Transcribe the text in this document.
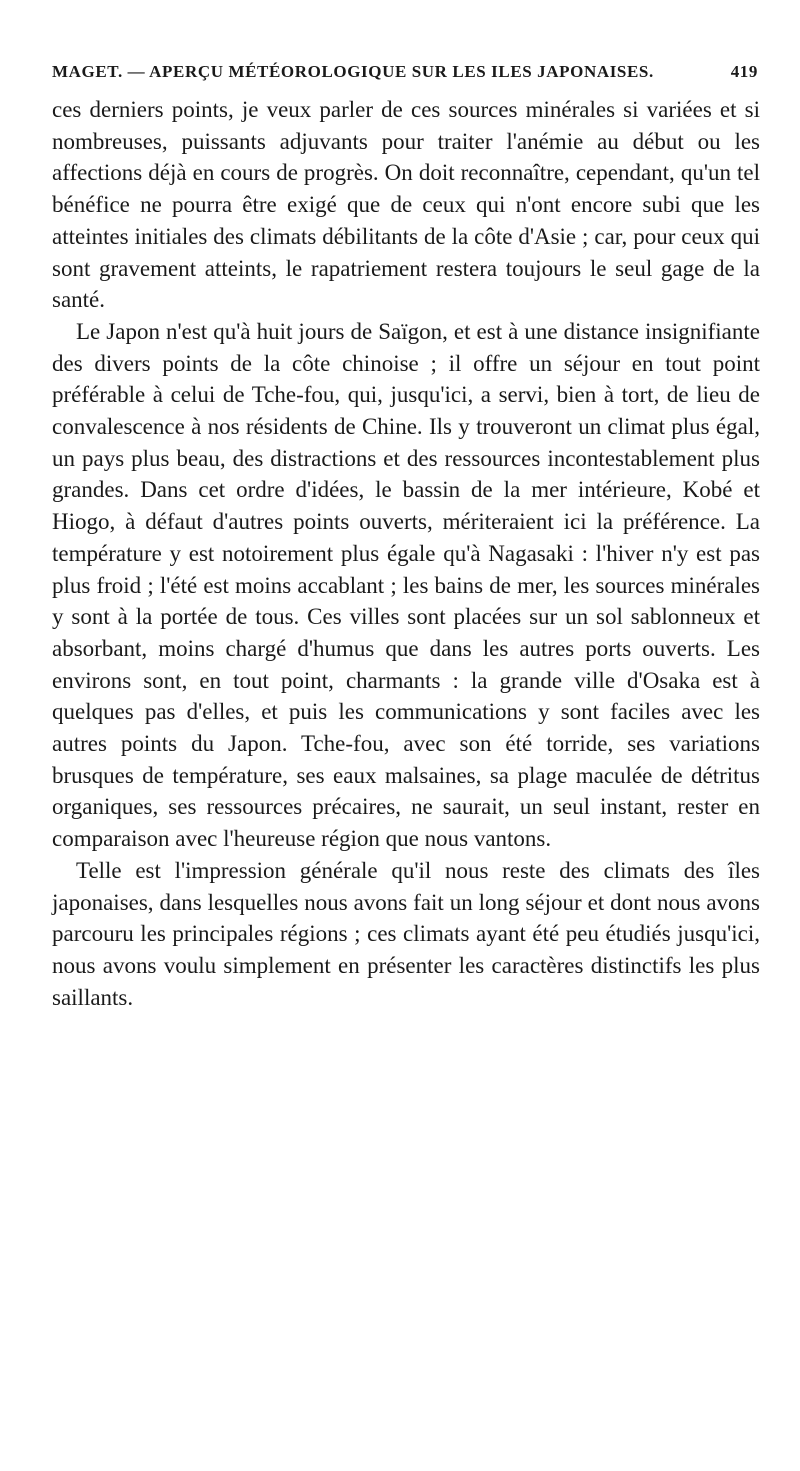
MAGET. — APERÇU MÉTÉOROLOGIQUE SUR LES ILES JAPONAISES.	419

ces derniers points, je veux parler de ces sources minérales si variées et si nombreuses, puissants adjuvants pour traiter l'anémie au début ou les affections déjà en cours de progrès. On doit reconnaître, cependant, qu'un tel bénéfice ne pourra être exigé que de ceux qui n'ont encore subi que les atteintes initiales des climats débilitants de la côte d'Asie ; car, pour ceux qui sont gravement atteints, le rapatriement restera toujours le seul gage de la santé.

Le Japon n'est qu'à huit jours de Saïgon, et est à une distance insignifiante des divers points de la côte chinoise ; il offre un séjour en tout point préférable à celui de Tche-fou, qui, jusqu'ici, a servi, bien à tort, de lieu de convalescence à nos résidents de Chine. Ils y trouveront un climat plus égal, un pays plus beau, des distractions et des ressources incontestablement plus grandes. Dans cet ordre d'idées, le bassin de la mer intérieure, Kobé et Hiogo, à défaut d'autres points ouverts, mériteraient ici la préférence. La température y est notoirement plus égale qu'à Nagasaki : l'hiver n'y est pas plus froid ; l'été est moins accablant ; les bains de mer, les sources minérales y sont à la portée de tous. Ces villes sont placées sur un sol sablonneux et absorbant, moins chargé d'humus que dans les autres ports ouverts. Les environs sont, en tout point, charmants : la grande ville d'Osaka est à quelques pas d'elles, et puis les communications y sont faciles avec les autres points du Japon. Tche-fou, avec son été torride, ses variations brusques de température, ses eaux malsaines, sa plage maculée de détritus organiques, ses ressources précaires, ne saurait, un seul instant, rester en comparaison avec l'heureuse région que nous vantons.

Telle est l'impression générale qu'il nous reste des climats des îles japonaises, dans lesquelles nous avons fait un long séjour et dont nous avons parcouru les principales régions ; ces climats ayant été peu étudiés jusqu'ici, nous avons voulu simplement en présenter les caractères distinctifs les plus saillants.
